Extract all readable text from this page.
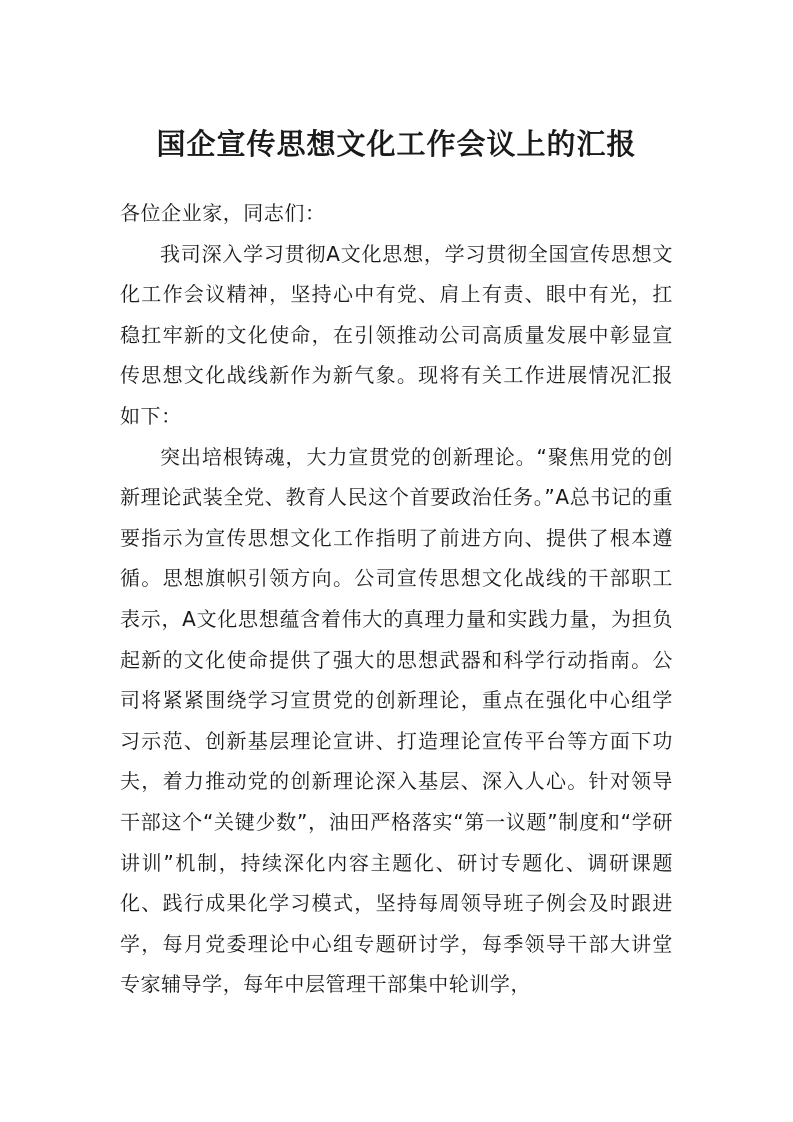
国企宣传思想文化工作会议上的汇报

各位企业家，同志们：

我司深入学习贯彻A文化思想，学习贯彻全国宣传思想文化工作会议精神，坚持心中有党、肩上有责、眼中有光，扛稳扛牢新的文化使命，在引领推动公司高质量发展中彰显宣传思想文化战线新作为新气象。现将有关工作进展情况汇报如下：

突出培根铸魂，大力宣贯党的创新理论。“聚焦用党的创新理论武装全党、教育人民这个首要政治任务。”A总书记的重要指示为宣传思想文化工作指明了前进方向、提供了根本遵循。思想旗帜引领方向。公司宣传思想文化战线的干部职工表示，A文化思想蕴含着伟大的真理力量和实践力量，为担负起新的文化使命提供了强大的思想武器和科学行动指南。公司将紧紧围绕学习宣贯党的创新理论，重点在强化中心组学习示范、创新基层理论宣讲、打造理论宣传平台等方面下功夫，着力推动党的创新理论深入基层、深入人心。针对领导干部这个“关键少数”，油田严格落实“第一议题”制度和“学研讲训”机制，持续深化内容主题化、研讨专题化、调研课题化、践行成果化学习模式，坚持每周领导班子例会及时跟进学，每月党委理论中心组专题研讨学，每季领导干部大讲堂专家辅导学，每年中层管理干部集中轮训学，
